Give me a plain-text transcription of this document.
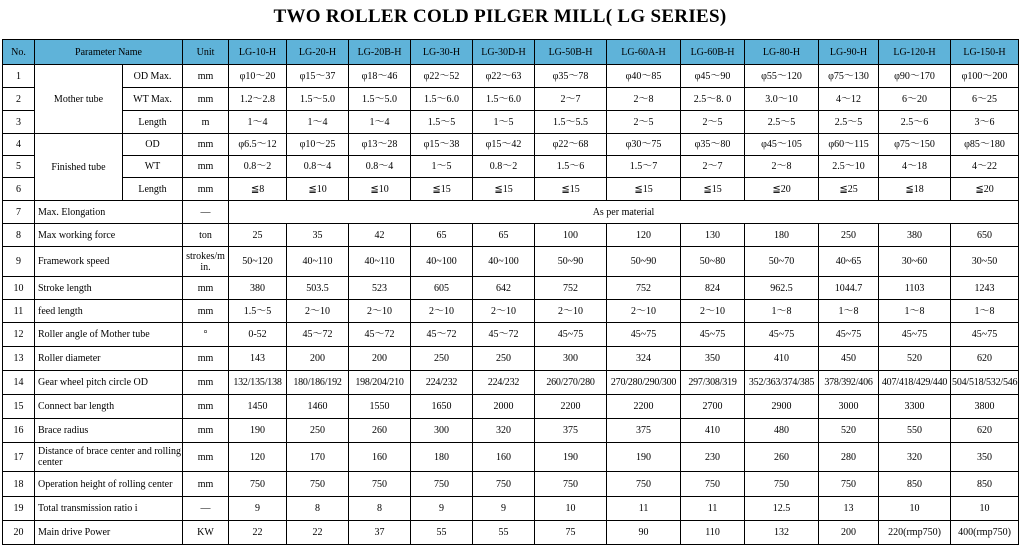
TWO ROLLER COLD PILGER MILL( LG SERIES)
No.	Parameter Name		Unit	LG-10-H	LG-20-H	LG-20B-H	LG-30-H	LG-30D-H	LG-50B-H	LG-60A-H	LG-60B-H	LG-80-H	LG-90-H	LG-120-H	LG-150-H
1	Mother tube	OD Max.	mm	φ10～20	φ15～37	φ18～46	φ22～52	φ22～63	φ35～78	φ40～85	φ45～90	φ55～120	φ75～130	φ90～170	φ100～200
2		WT Max.	mm	1.2～2.8	1.5～5.0	1.5～5.0	1.5～6.0	1.5～6.0	2～7	2～8	2.5～8. 0	3.0～10	4～12	6～20	6～25
3		Length	m	1～4	1～4	1～4	1.5～5	1～5	1.5～5.5	2～5	2～5	2.5～5	2.5～5	2.5～6	3～6
4	Finished tube	OD	mm	φ6.5～12	φ10～25	φ13～28	φ15～38	φ15～42	φ22～68	φ30～75	φ35～80	φ45～105	φ60～115	φ75～150	φ85～180
5		WT	mm	0.8～2	0.8～4	0.8～4	1～5	0.8～2	1.5～6	1.5～7	2～7	2～8	2.5～10	4～18	4～22
6		Length	mm	≦8	≦10	≦10	≦15	≦15	≦15	≦15	≦15	≦20	≦25	≦18	≦20
7	Max. Elongation		—	As per material											
8	Max working force		ton	25	35	42	65	65	100	120	130	180	250	380	650
9	Framework speed		strokes/m in.	50~120	40~110	40~110	40~100	40~100	50~90	50~90	50~80	50~70	40~65	30~60	30~50
10	Stroke length		mm	380	503.5	523	605	642	752	752	824	962.5	1044.7	1103	1243
11	feed length		mm	1.5～5	2～10	2～10	2～10	2～10	2～10	2～10	2～10	1～8	1～8	1～8	1～8
12	Roller angle of Mother tube		°	0-52	45～72	45～72	45～72	45～72	45~75	45~75	45~75	45~75	45~75	45~75	45~75
13	Roller diameter		mm	143	200	200	250	250	300	324	350	410	450	520	620
14	Gear wheel pitch circle OD		mm	132/135/138	180/186/192	198/204/210	224/232	224/232	260/270/280	270/280/290/300	297/308/319	352/363/374/385	378/392/406	407/418/429/440	504/518/532/546
15	Connect bar length		mm	1450	1460	1550	1650	2000	2200	2200	2700	2900	3000	3300	3800
16	Brace radius		mm	190	250	260	300	320	375	375	410	480	520	550	620
17	Distance of brace center and rolling center		mm	120	170	160	180	160	190	190	230	260	280	320	350
18	Operation height of rolling center		mm	750	750	750	750	750	750	750	750	750	750	850	850
19	Total transmission ratio i		—	9	8	8	9	9	10	11	11	12.5	13	10	10
20	Main drive Power		KW	22	22	37	55	55	75	90	110	132	200	220(rmp750)	400(rmp750)
